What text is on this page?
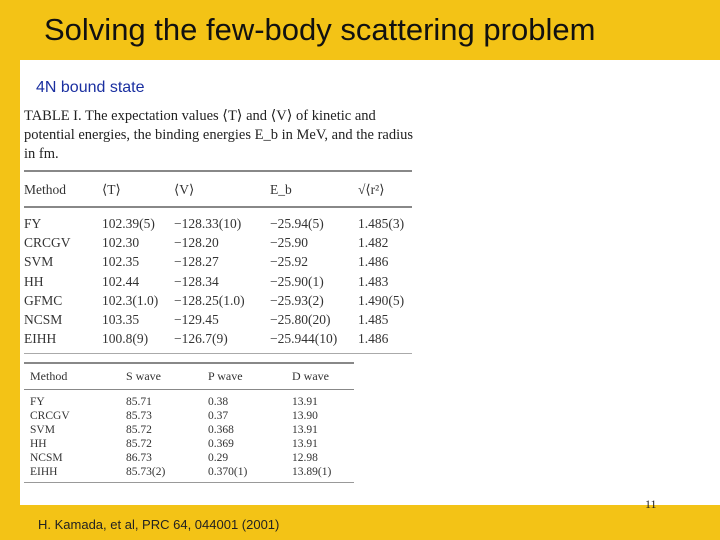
Solving the few-body scattering problem
4N bound state
TABLE I. The expectation values ⟨T⟩ and ⟨V⟩ of kinetic and potential energies, the binding energies E_b in MeV, and the radius in fm.
Method	⟨T⟩	⟨V⟩	E_b	√⟨r²⟩
FY	102.39(5)	−128.33(10)	−25.94(5)	1.485(3)
CRCGV	102.30	−128.20	−25.90	1.482
SVM	102.35	−128.27	−25.92	1.486
HH	102.44	−128.34	−25.90(1)	1.483
GFMC	102.3(1.0)	−128.25(1.0)	−25.93(2)	1.490(5)
NCSM	103.35	−129.45	−25.80(20)	1.485
EIHH	100.8(9)	−126.7(9)	−25.944(10)	1.486
Method	S wave	P wave	D wave
FY	85.71	0.38	13.91
CRCGV	85.73	0.37	13.90
SVM	85.72	0.368	13.91
HH	85.72	0.369	13.91
NCSM	86.73	0.29	12.98
EIHH	85.73(2)	0.370(1)	13.89(1)
H. Kamada, et al, PRC 64, 044001 (2001)
11
